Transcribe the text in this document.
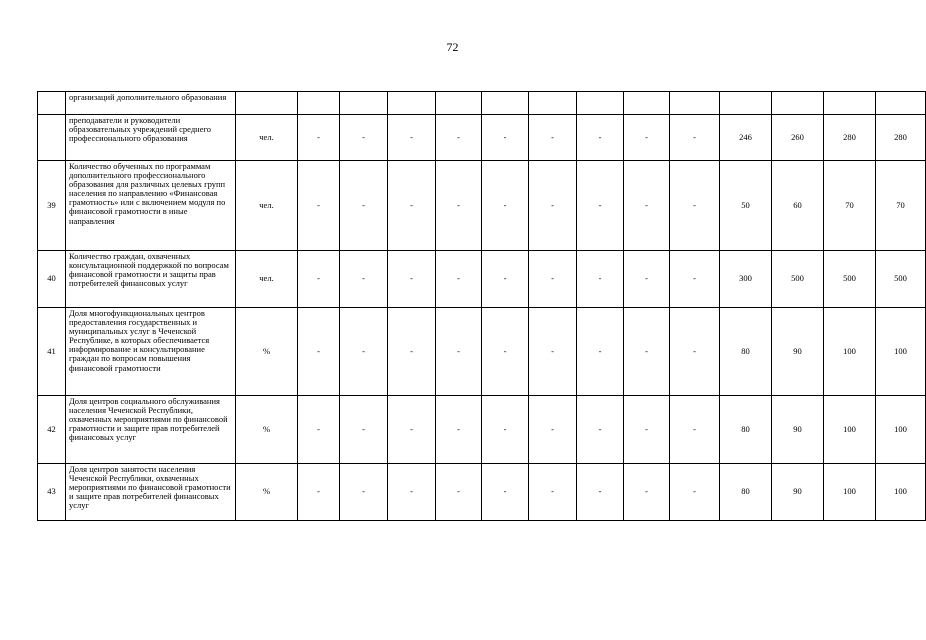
72
	организаций дополнительного образования														
	преподаватели и руководители образовательных учреждений среднего профессионального образования	чел.	-	-	-	-	-	-	-	-	-	246	260	280	280
39	Количество обученных по программам дополнительного профессионального образования для различных целевых групп населения по направлению «Финансовая грамотность» или с включением модуля по финансовой грамотности в иные направления	чел.	-	-	-	-	-	-	-	-	-	50	60	70	70
40	Количество граждан, охваченных консультационной поддержкой по вопросам финансовой грамотности и защиты прав потребителей финансовых услуг	чел.	-	-	-	-	-	-	-	-	-	300	500	500	500
41	Доля многофункциональных центров предоставления государственных и муниципальных услуг в Чеченской Республике, в которых обеспечивается информирование и консультирование граждан по вопросам повышения финансовой грамотности	%	-	-	-	-	-	-	-	-	-	80	90	100	100
42	Доля центров социального обслуживания населения Чеченской Республики, охваченных мероприятиями по финансовой грамотности и защите прав потребителей финансовых услуг	%	-	-	-	-	-	-	-	-	-	80	90	100	100
43	Доля центров занятости населения Чеченской Республики, охваченных мероприятиями по финансовой грамотности и защите прав потребителей финансовых услуг	%	-	-	-	-	-	-	-	-	-	80	90	100	100
